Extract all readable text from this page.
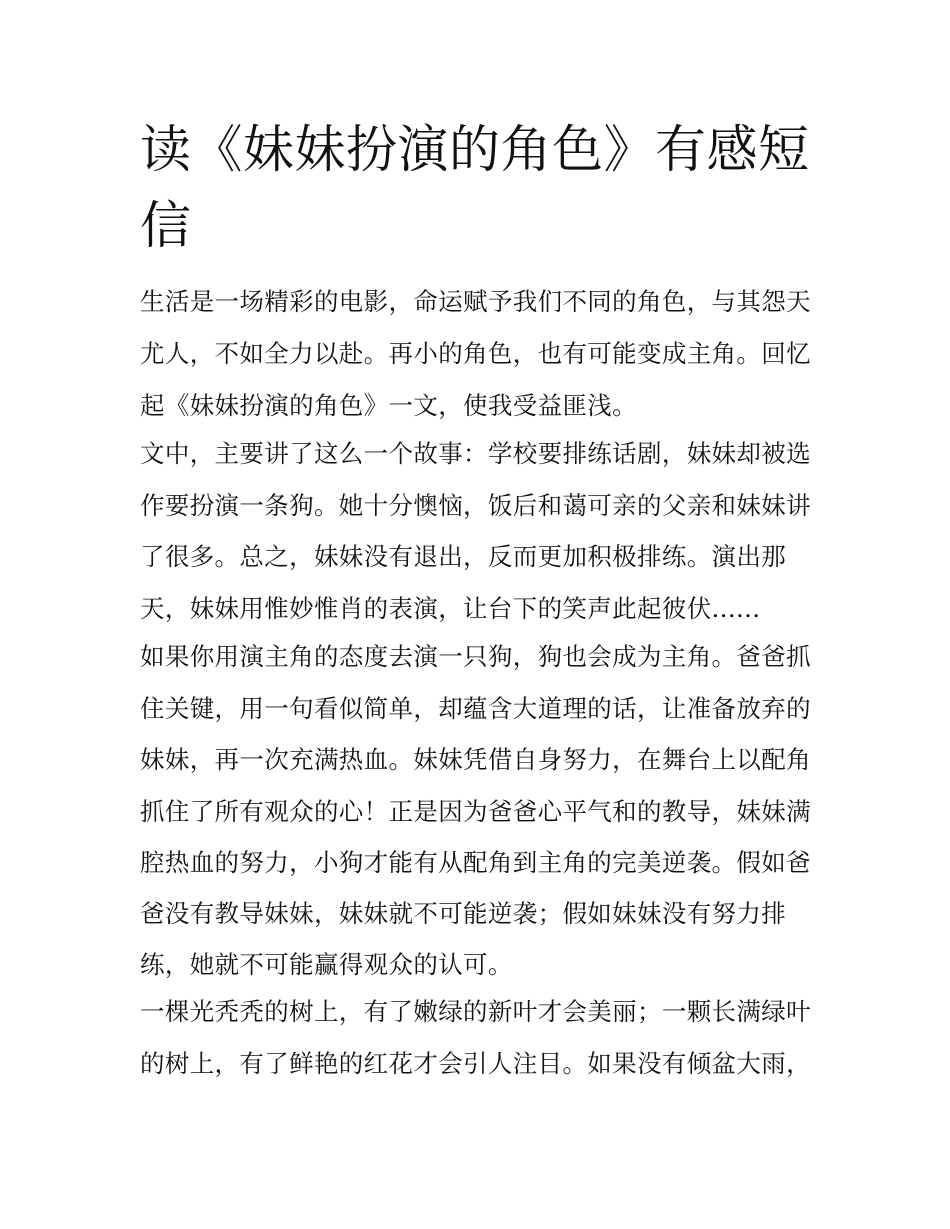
读《妹妹扮演的角色》有感短
信

生活是一场精彩的电影，命运赋予我们不同的角色，与其怨天

尤人，不如全力以赴。再小的角色，也有可能变成主角。回忆

起《妹妹扮演的角色》一文，使我受益匪浅。

文中，主要讲了这么一个故事：学校要排练话剧，妹妹却被选

作要扮演一条狗。她十分懊恼，饭后和蔼可亲的父亲和妹妹讲

了很多。总之，妹妹没有退出，反而更加积极排练。演出那

天，妹妹用惟妙惟肖的表演，让台下的笑声此起彼伏......

如果你用演主角的态度去演一只狗，狗也会成为主角。爸爸抓

住关键，用一句看似简单，却蕴含大道理的话，让准备放弃的

妹妹，再一次充满热血。妹妹凭借自身努力，在舞台上以配角

抓住了所有观众的心！正是因为爸爸心平气和的教导，妹妹满

腔热血的努力，小狗才能有从配角到主角的完美逆袭。假如爸

爸没有教导妹妹，妹妹就不可能逆袭；假如妹妹没有努力排

练，她就不可能赢得观众的认可。

一棵光秃秃的树上，有了嫩绿的新叶才会美丽；一颗长满绿叶

的树上，有了鲜艳的红花才会引人注目。如果没有倾盆大雨，
